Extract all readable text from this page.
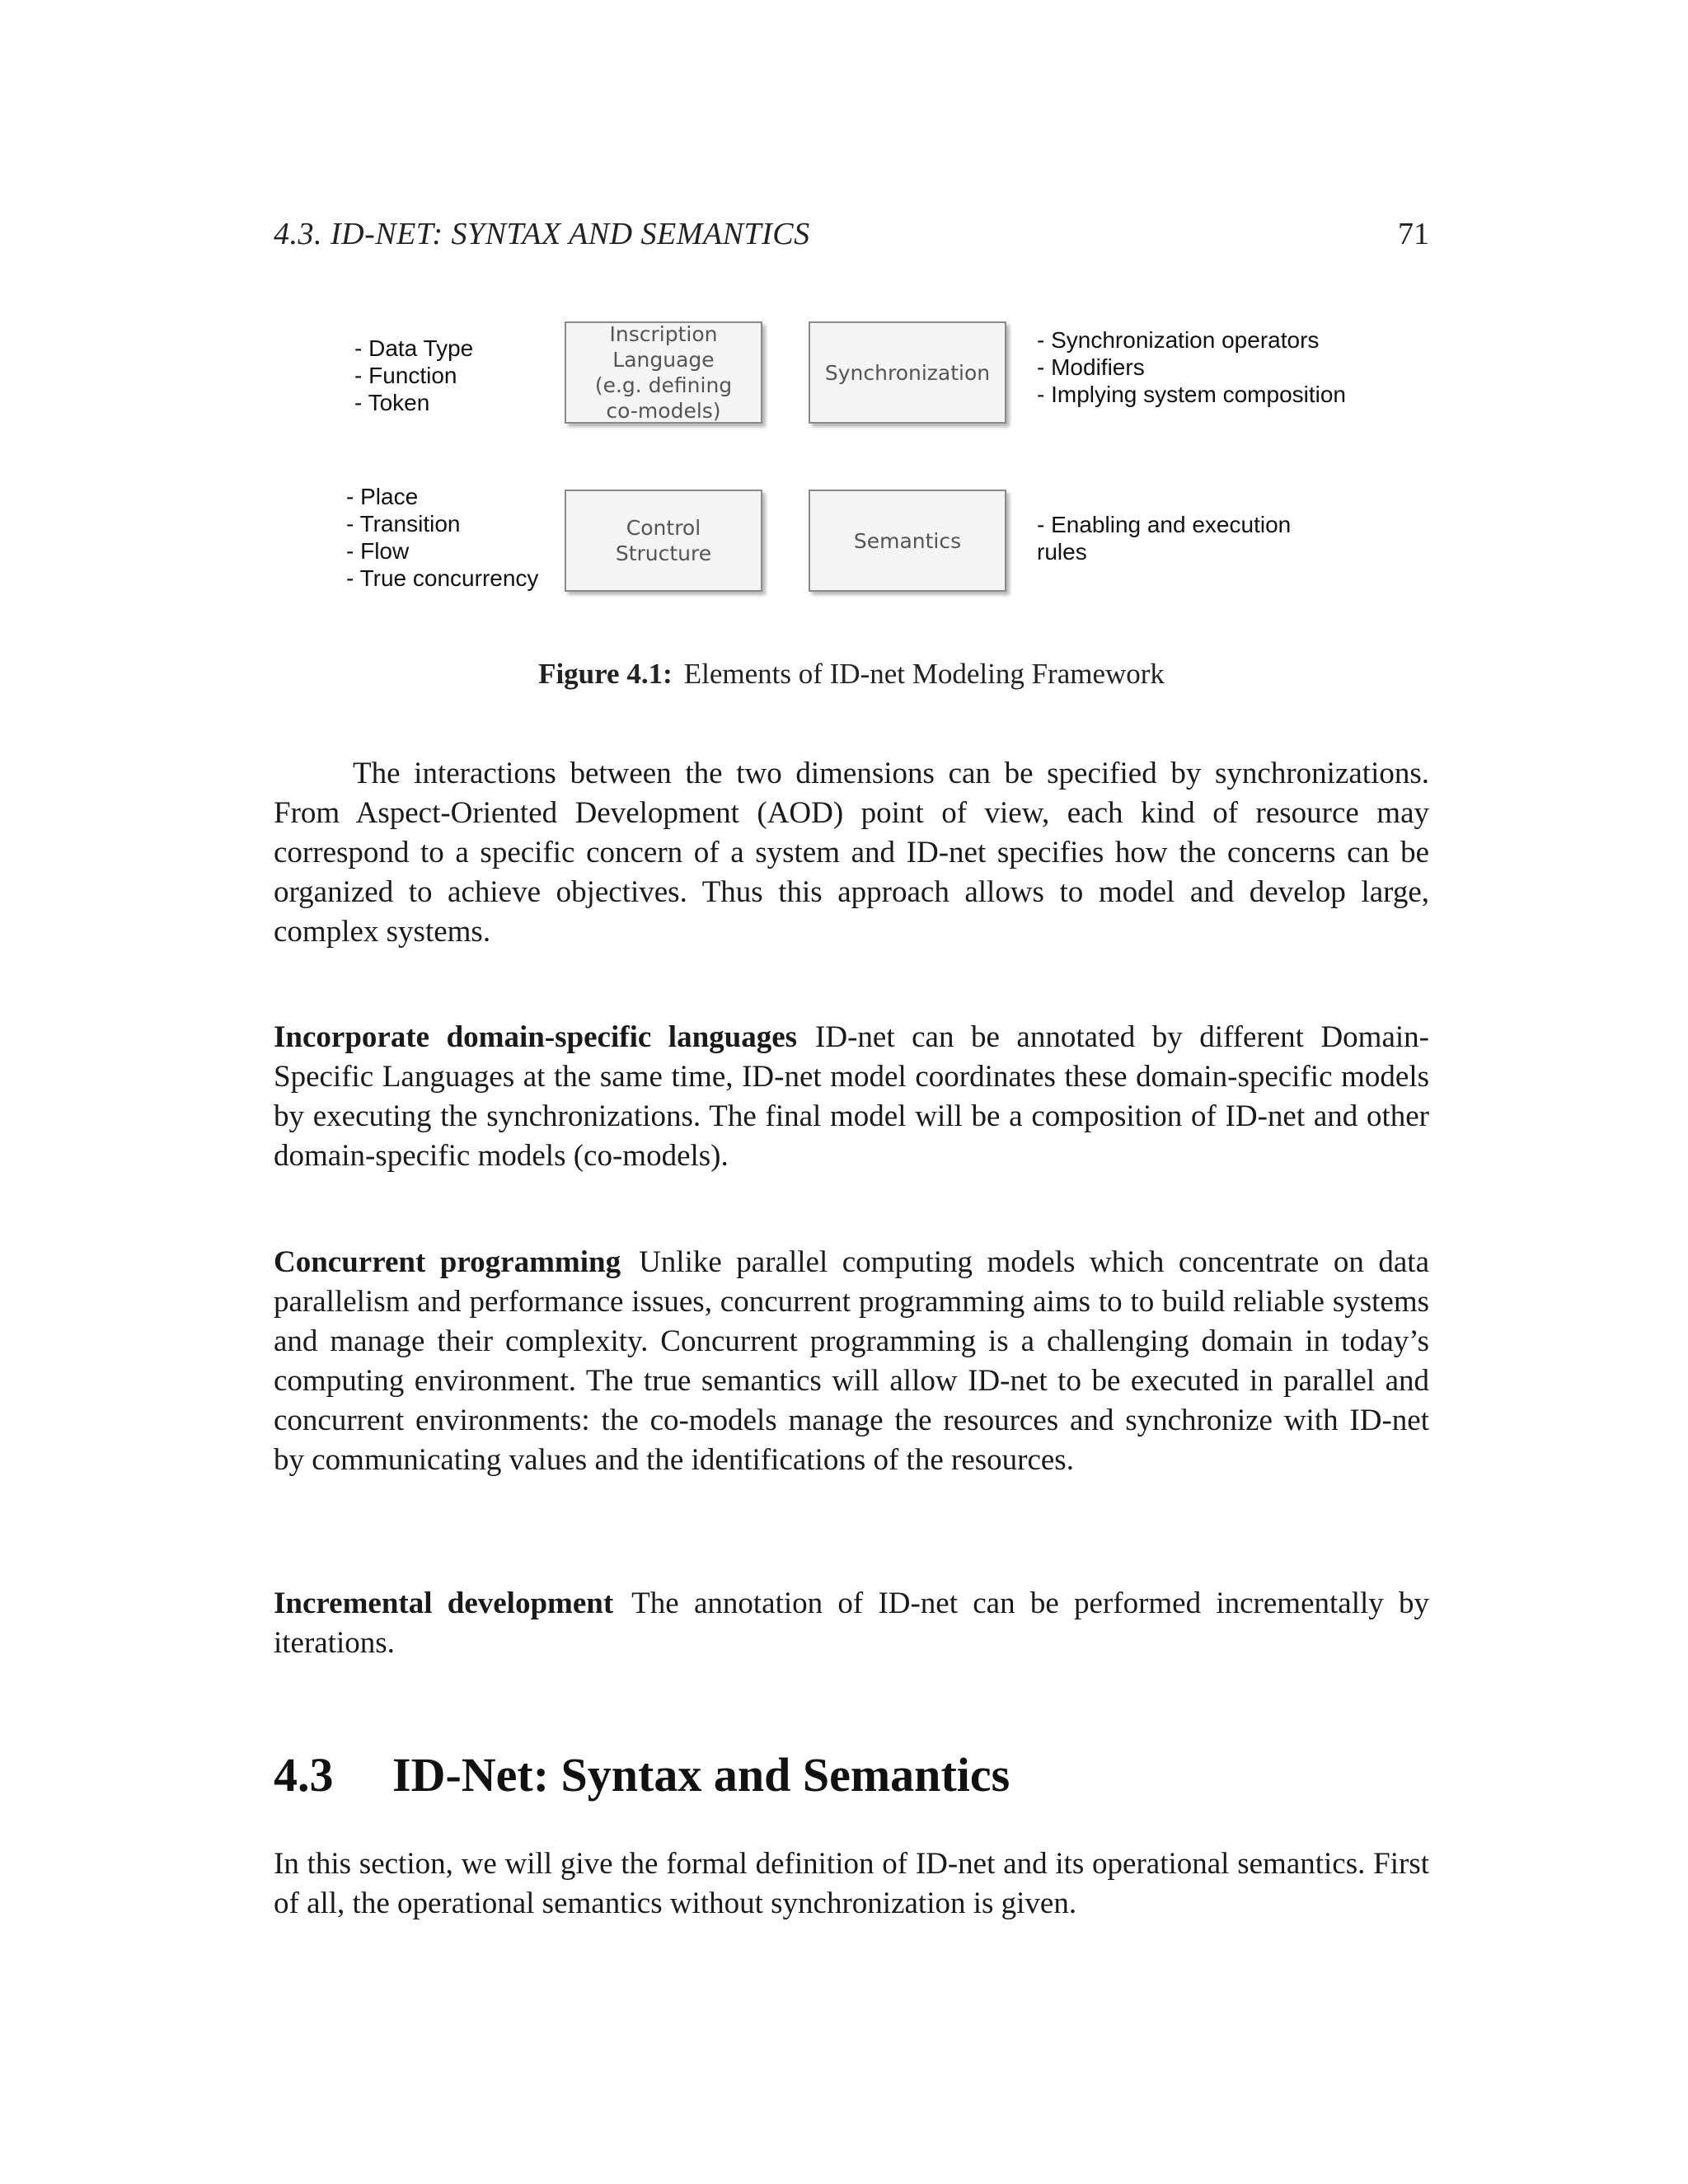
4.3. ID-NET: SYNTAX AND SEMANTICS	71
- Data Type
- Function
- Token
Inscription
Language
(e.g. defining
co-models)
Synchronization
- Synchronization operators
- Modifiers
- Implying system composition
- Place
- Transition
- Flow
- True concurrency
Control
Structure
Semantics
- Enabling and execution
rules
Figure 4.1: Elements of ID-net Modeling Framework

The interactions between the two dimensions can be specified by synchronizations. From Aspect-Oriented Development (AOD) point of view, each kind of resource may correspond to a specific concern of a system and ID-net specifies how the concerns can be organized to achieve objectives. Thus this approach allows to model and develop large, complex systems.

Incorporate domain-specific languages ID-net can be annotated by different Domain-Specific Languages at the same time, ID-net model coordinates these domain-specific models by executing the synchronizations. The final model will be a composition of ID-net and other domain-specific models (co-models).

Concurrent programming Unlike parallel computing models which concentrate on data parallelism and performance issues, concurrent programming aims to to build reliable systems and manage their complexity. Concurrent programming is a challenging domain in today’s computing environment. The true semantics will allow ID-net to be executed in parallel and concurrent environments: the co-models manage the resources and synchronize with ID-net by communicating values and the identifications of the resources.

Incremental development The annotation of ID-net can be performed incrementally by iterations.

4.3 ID-Net: Syntax and Semantics

In this section, we will give the formal definition of ID-net and its operational semantics. First of all, the operational semantics without synchronization is given.
